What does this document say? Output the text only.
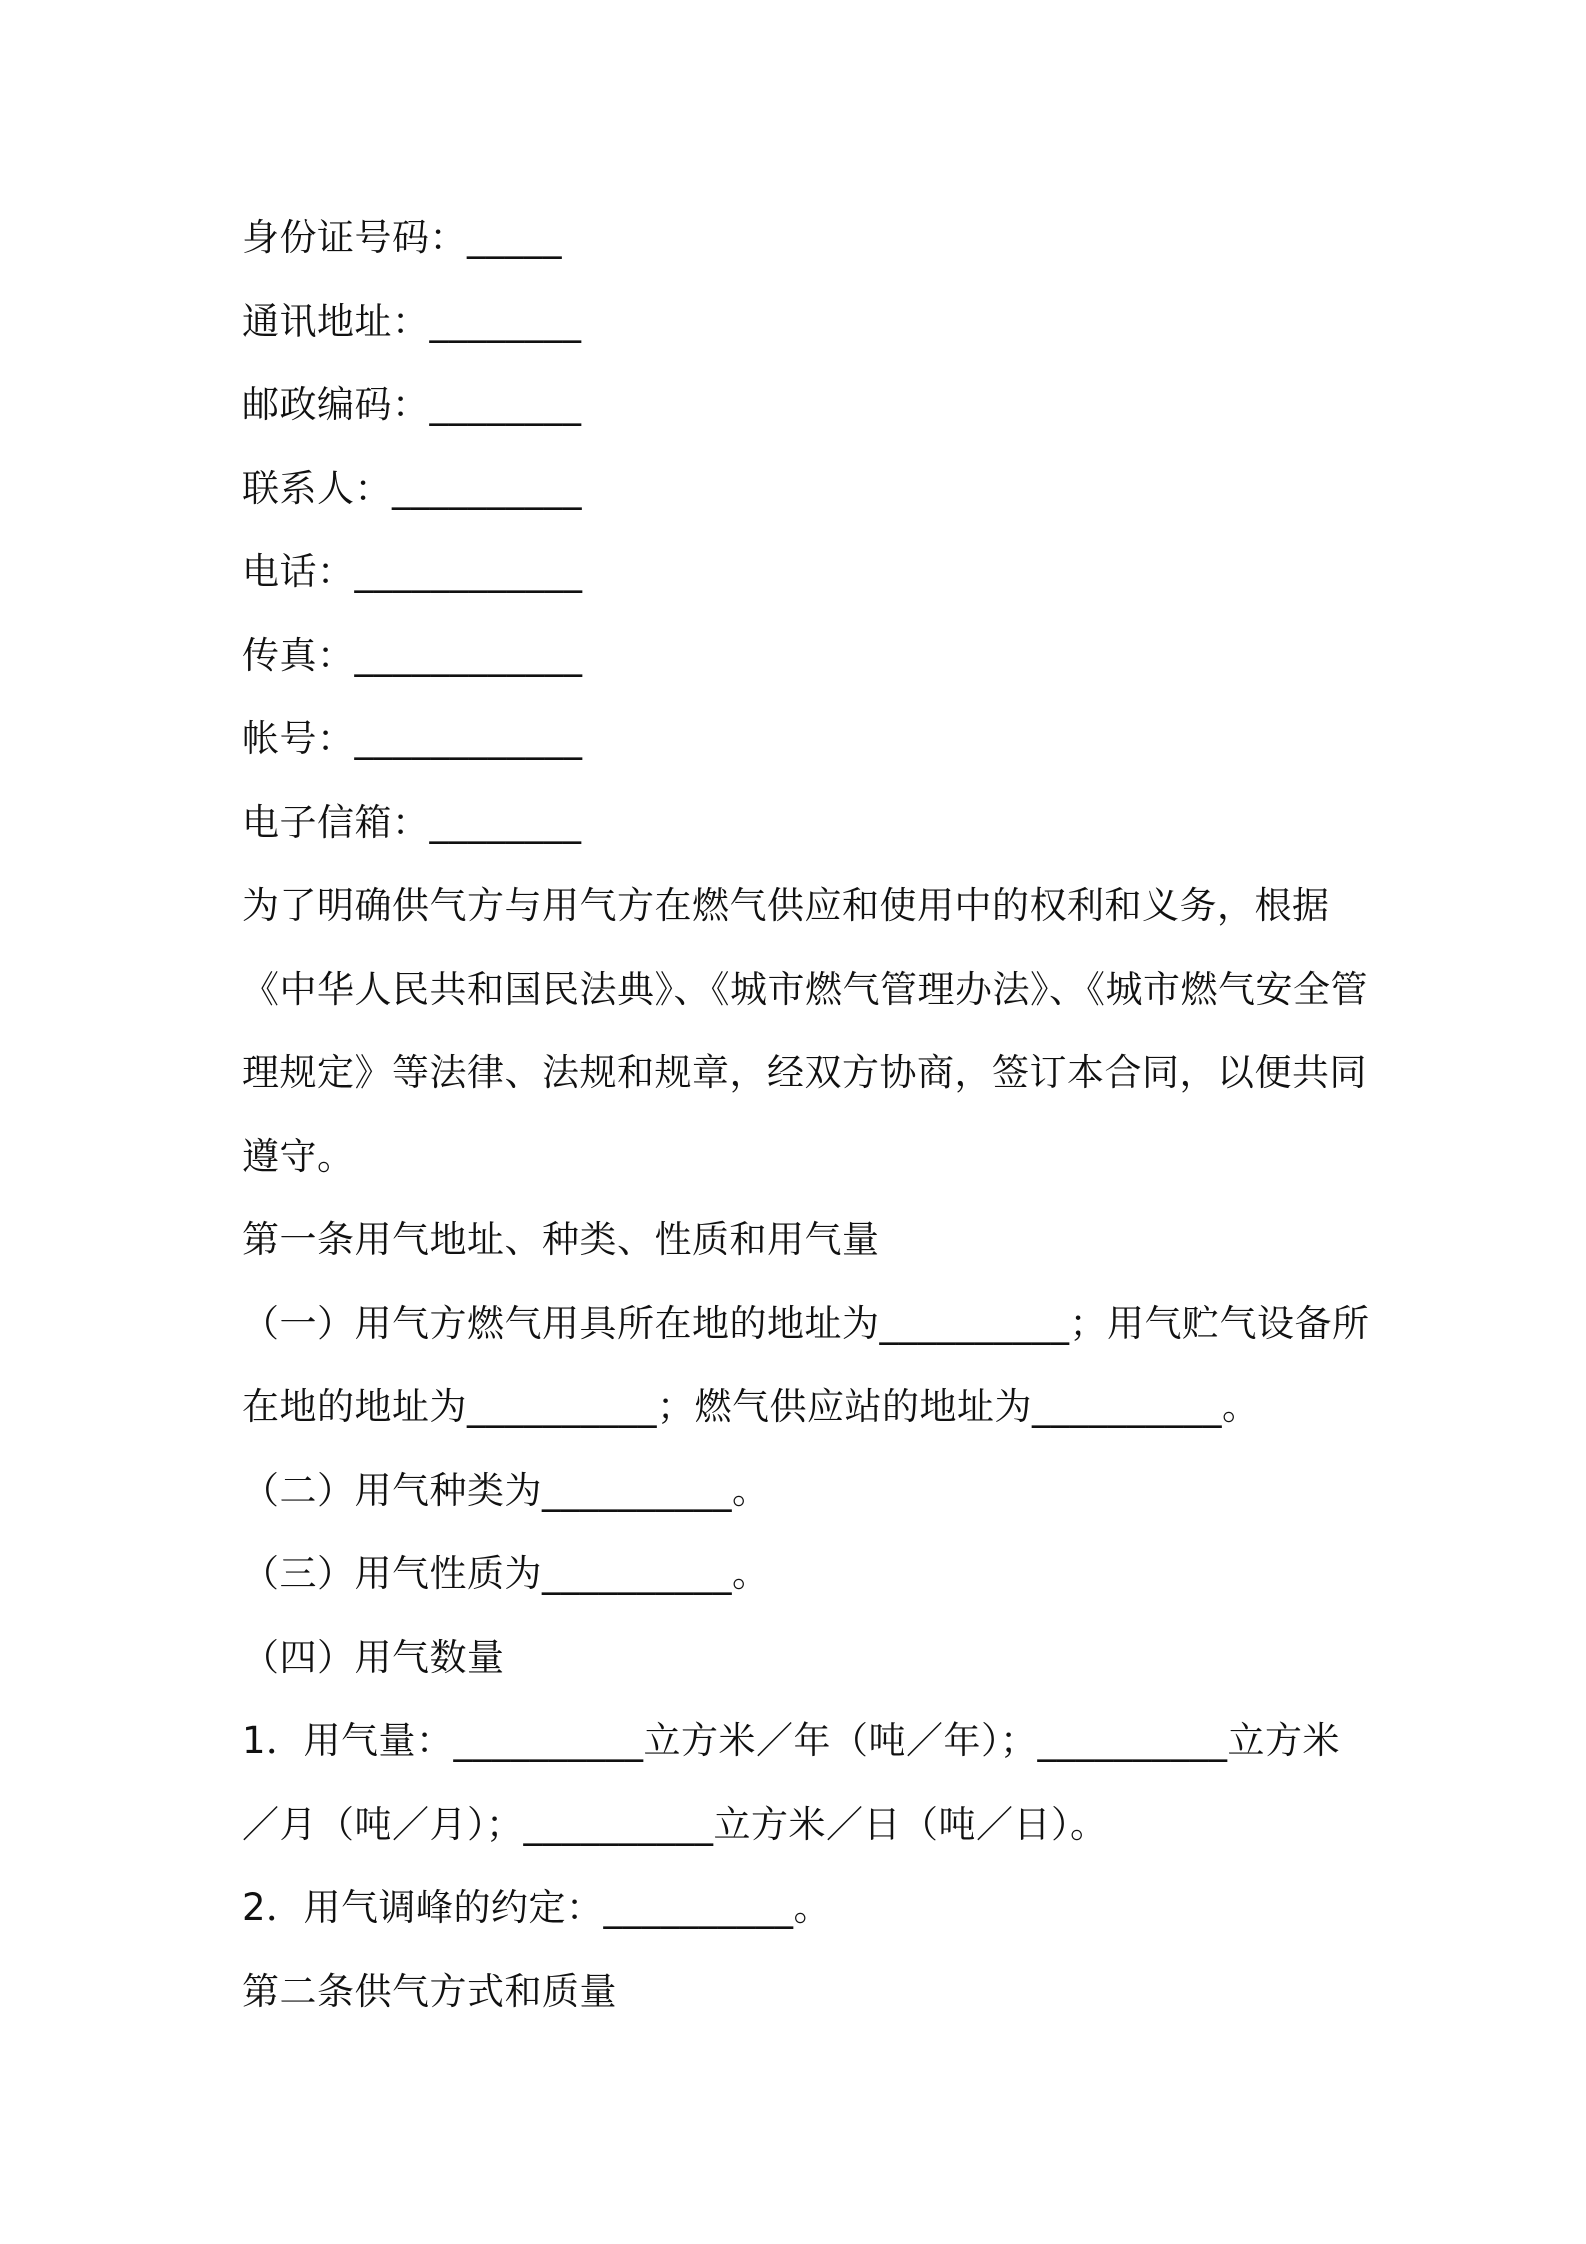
身份证号码：_____
通讯地址：________
邮政编码：________
联系人：__________
电话：____________
传真：____________
帐号：____________
电子信箱：________
为了明确供气方与用气方在燃气供应和使用中的权利和义务，根据
《中华人民共和国民法典》、《城市燃气管理办法》、《城市燃气安全管
理规定》等法律、法规和规章，经双方协商，签订本合同，以便共同
遵守。
第一条用气地址、种类、性质和用气量
（一）用气方燃气用具所在地的地址为__________；用气贮气设备所
在地的地址为__________；燃气供应站的地址为__________。
（二）用气种类为__________。
（三）用气性质为__________。
（四）用气数量
1．用气量：__________立方米／年（吨／年）；__________立方米
／月（吨／月）；__________立方米／日（吨／日）。
2．用气调峰的约定：__________。
第二条供气方式和质量
